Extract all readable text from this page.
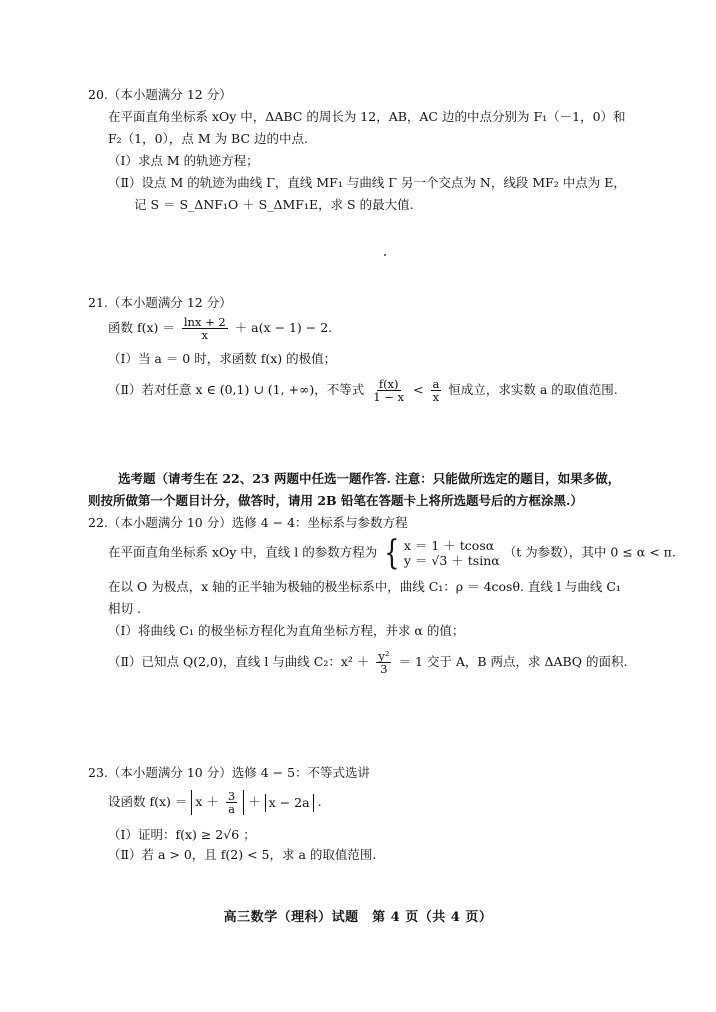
20.（本小题满分 12 分）
在平面直角坐标系 xOy 中，ΔABC 的周长为 12，AB，AC 边的中点分别为 F₁（－1，0）和
F₂（1，0），点 M 为 BC 边的中点.
（Ⅰ）求点 M 的轨迹方程；
（Ⅱ）设点 M 的轨迹为曲线 Γ，直线 MF₁ 与曲线 Γ 另一个交点为 N，线段 MF₂ 中点为 E，
记 S ＝ S_ΔNF₁O ＋ S_ΔMF₁E，求 S 的最大值.
21.（本小题满分 12 分）
函数 $f(x) = \frac{\ln x + 2}{x} + a(x - 1) - 2$.
（Ⅰ）当 a ＝ 0 时，求函数 f(x) 的极值；
（Ⅱ）若对任意 x ∈ (0,1) ∪ (1, +∞)，不等式 $\frac{f(x)}{1 - x} < \frac{a}{x}$ 恒成立，求实数 a 的取值范围.
选考题（请考生在 22、23 两题中任选一题作答. 注意：只能做所选定的题目，如果多做，
则按所做第一个题目计分，做答时，请用 2B 铅笔在答题卡上将所选题号后的方框涂黑.）
22.（本小题满分 10 分）选修 4 − 4：坐标系与参数方程
在平面直角坐标系 xOy 中，直线 l 的参数方程为 { x ＝ 1 ＋ tcosα
y ＝ √3 ＋ tsinα
（t 为参数），其中 0 ≤ α < π.
在以 O 为极点，x 轴的正半轴为极轴的极坐标系中，曲线 C₁：ρ ＝ 4cosθ. 直线 l 与曲线 C₁
相切 .
（Ⅰ）将曲线 C₁ 的极坐标方程化为直角坐标方程，并求 α 的值；
（Ⅱ）已知点 Q(2,0)，直线 l 与曲线 C₂：$x^2 + \frac{\text{y²}}{3} = 1$ 交于 A，B 两点，求 ΔABQ 的面积.
23.（本小题满分 10 分）选修 4 − 5：不等式选讲
设函数 $f(x) = x + \frac{3}{a} + x - 2a$ .
（Ⅰ）证明：f(x) ≥ 2√6 ；
（Ⅱ）若 a > 0，且 f(2) < 5，求 a 的取值范围.
高三数学（理科）试题　第 4 页（共 4 页）
